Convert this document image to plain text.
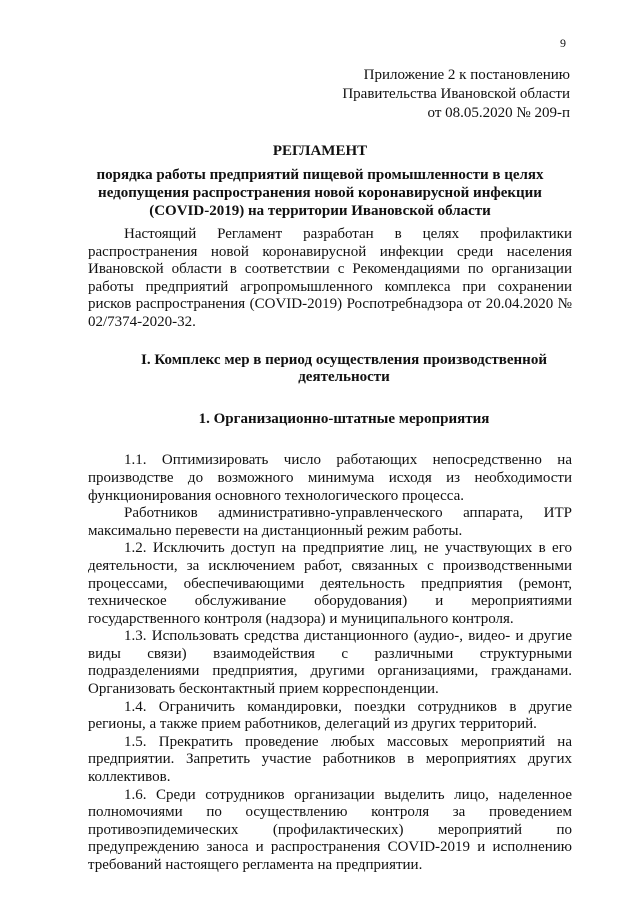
9
Приложение 2 к постановлению
Правительства Ивановской области
от 08.05.2020 № 209-п
РЕГЛАМЕНТ
порядка работы предприятий пищевой промышленности в целях
недопущения распространения новой коронавирусной инфекции
(COVID-2019) на территории Ивановской области

Настоящий Регламент разработан в целях профилактики распространения новой коронавирусной инфекции среди населения Ивановской области в соответствии с Рекомендациями по организации работы предприятий агропромышленного комплекса при сохранении рисков распространения (COVID-2019) Роспотребнадзора от 20.04.2020 № 02/7374-2020-32.

I. Комплекс мер в период осуществления производственной
деятельности
1. Организационно-штатные мероприятия

1.1. Оптимизировать число работающих непосредственно на производстве до возможного минимума исходя из необходимости функционирования основного технологического процесса.

Работников административно-управленческого аппарата, ИТР максимально перевести на дистанционный режим работы.

1.2. Исключить доступ на предприятие лиц, не участвующих в его деятельности, за исключением работ, связанных с производственными процессами, обеспечивающими деятельность предприятия (ремонт, техническое обслуживание оборудования) и мероприятиями государственного контроля (надзора) и муниципального контроля.

1.3. Использовать средства дистанционного (аудио-, видео- и другие виды связи) взаимодействия с различными структурными подразделениями предприятия, другими организациями, гражданами. Организовать бесконтактный прием корреспонденции.

1.4. Ограничить командировки, поездки сотрудников в другие регионы, а также прием работников, делегаций из других территорий.

1.5. Прекратить проведение любых массовых мероприятий на предприятии. Запретить участие работников в мероприятиях других коллективов.

1.6. Среди сотрудников организации выделить лицо, наделенное полномочиями по осуществлению контроля за проведением противоэпидемических (профилактических) мероприятий по предупреждению заноса и распространения COVID-2019 и исполнению требований настоящего регламента на предприятии.
